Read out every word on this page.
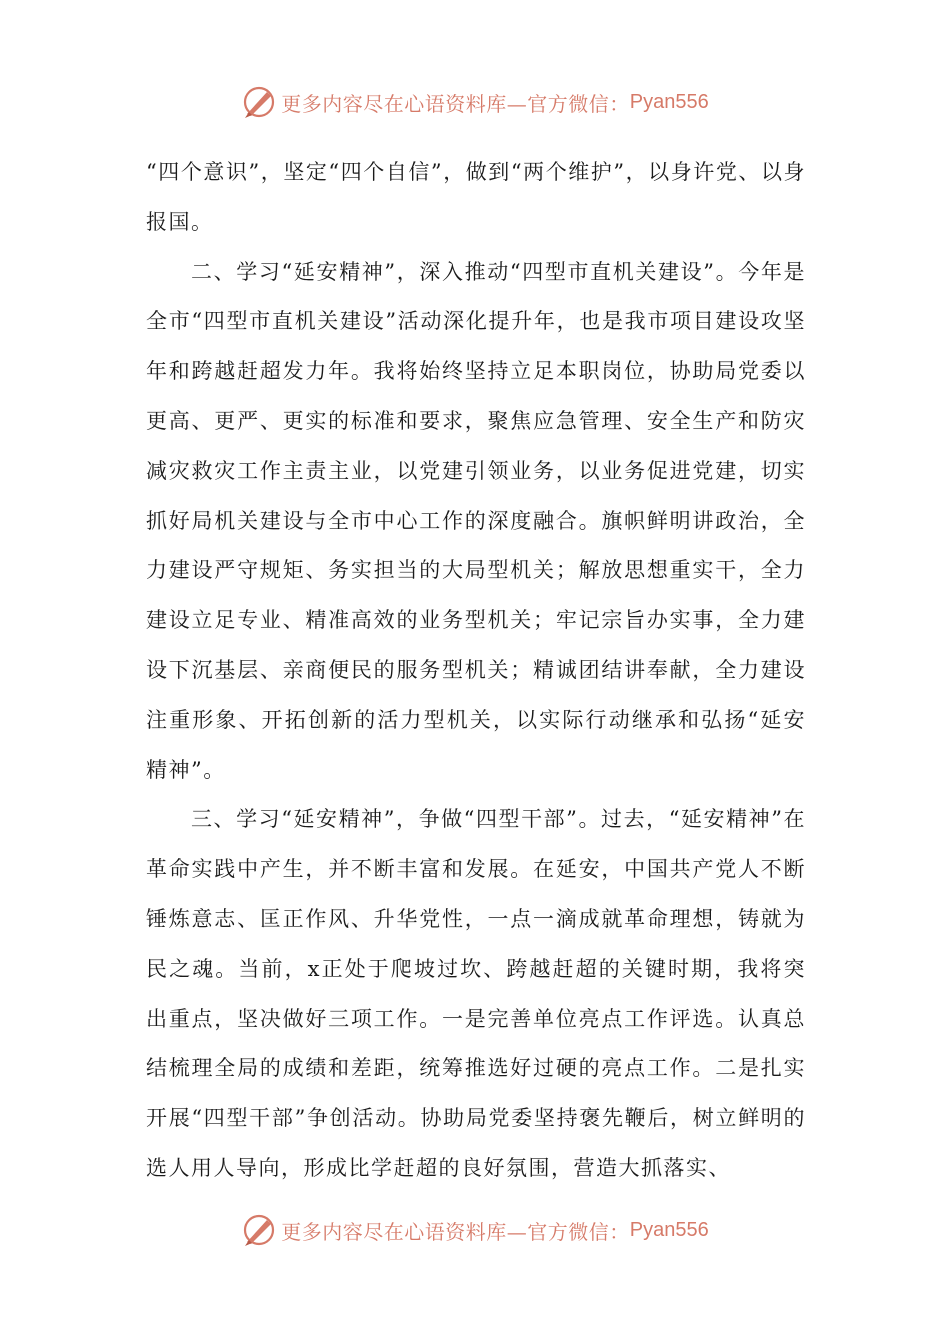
更多内容尽在心语资料库—官方微信： Pyan556

“四个意识”，坚定“四个自信”，做到“两个维护”，以身许党、以身报国。

二、学习“延安精神”，深入推动“四型市直机关建设”。今年是全市“四型市直机关建设”活动深化提升年，也是我市项目建设攻坚年和跨越赶超发力年。我将始终坚持立足本职岗位，协助局党委以更高、更严、更实的标准和要求，聚焦应急管理、安全生产和防灾减灾救灾工作主责主业，以党建引领业务，以业务促进党建，切实抓好局机关建设与全市中心工作的深度融合。旗帜鲜明讲政治，全力建设严守规矩、务实担当的大局型机关；解放思想重实干，全力建设立足专业、精准高效的业务型机关；牢记宗旨办实事，全力建设下沉基层、亲商便民的服务型机关；精诚团结讲奉献，全力建设注重形象、开拓创新的活力型机关，以实际行动继承和弘扬“延安精神”。

三、学习“延安精神”，争做“四型干部”。过去，“延安精神”在革命实践中产生，并不断丰富和发展。在延安，中国共产党人不断锤炼意志、匡正作风、升华党性，一点一滴成就革命理想，铸就为民之魂。当前，x正处于爬坡过坎、跨越赶超的关键时期，我将突出重点，坚决做好三项工作。一是完善单位亮点工作评选。认真总结梳理全局的成绩和差距，统筹推选好过硬的亮点工作。二是扎实开展“四型干部”争创活动。协助局党委坚持褒先鞭后，树立鲜明的选人用人导向，形成比学赶超的良好氛围，营造大抓落实、

更多内容尽在心语资料库—官方微信： Pyan556
